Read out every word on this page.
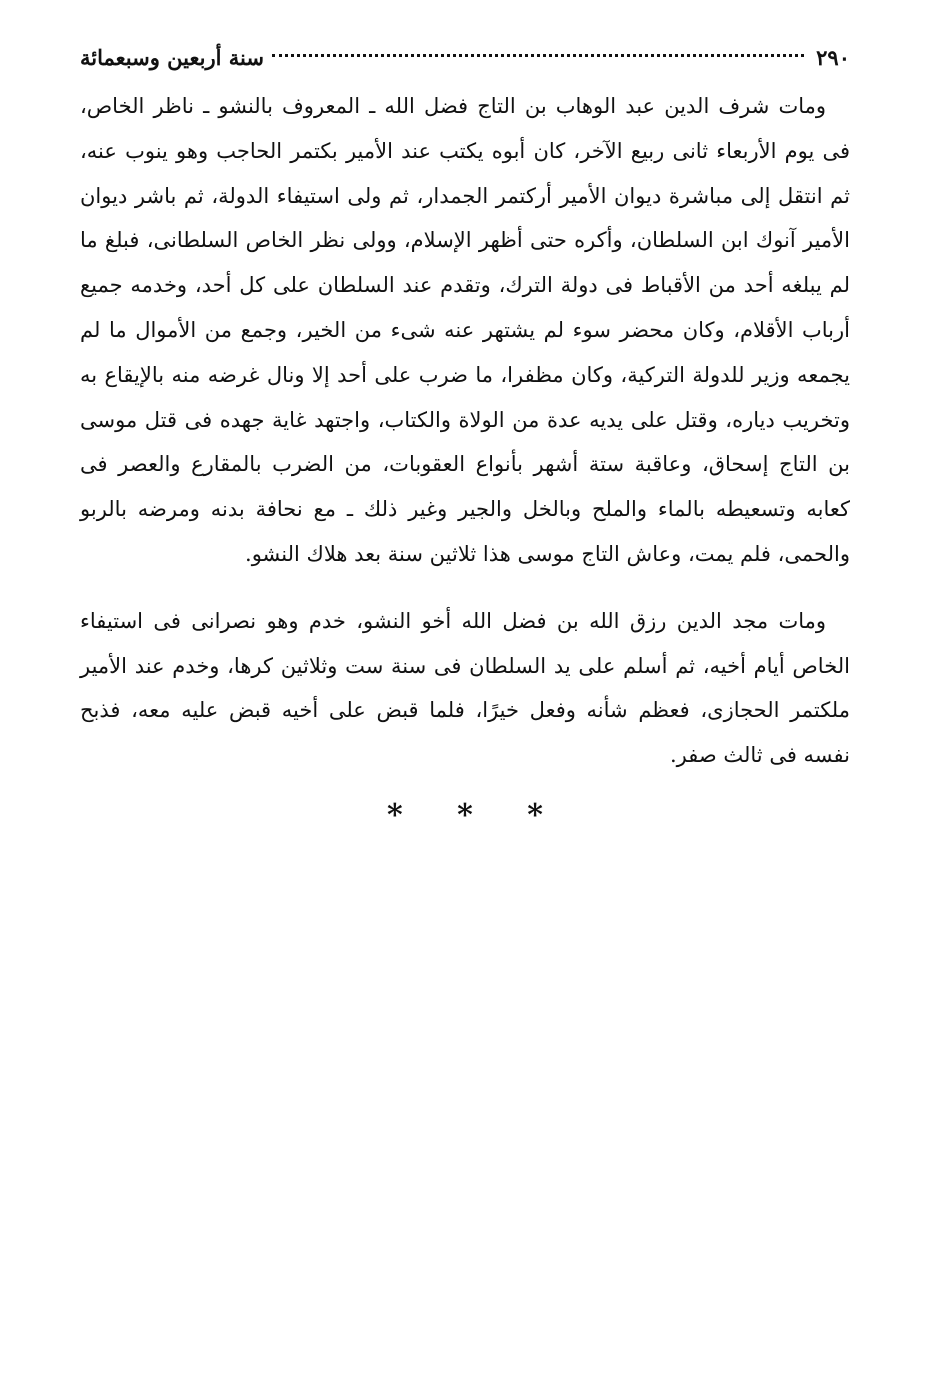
٢٩٠
سنة أربعين وسبعمائة

ومات شرف الدين عبد الوهاب بن التاج فضل الله ـ المعروف بالنشو ـ ناظر الخاص، فى يوم الأربعاء ثانى ربيع الآخر، كان أبوه يكتب عند الأمير بكتمر الحاجب وهو ينوب عنه، ثم انتقل إلى مباشرة ديوان الأمير أركتمر الجمدار، ثم ولى استيفاء الدولة، ثم باشر ديوان الأمير آنوك ابن السلطان، وأكره حتى أظهر الإسلام، وولى نظر الخاص السلطانى، فبلغ ما لم يبلغه أحد من الأقباط فى دولة الترك، وتقدم عند السلطان على كل أحد، وخدمه جميع أرباب الأقلام، وكان محضر سوء لم يشتهر عنه شىء من الخير، وجمع من الأموال ما لم يجمعه وزير للدولة التركية، وكان مظفرا، ما ضرب على أحد إلا ونال غرضه منه بالإيقاع به وتخريب دياره، وقتل على يديه عدة من الولاة والكتاب، واجتهد غاية جهده فى قتل موسى بن التاج إسحاق، وعاقبة ستة أشهر بأنواع العقوبات، من الضرب بالمقارع والعصر فى كعابه وتسعيطه بالماء والملح وبالخل والجير وغير ذلك ـ مع نحافة بدنه ومرضه بالربو والحمى، فلم يمت، وعاش التاج موسى هذا ثلاثين سنة بعد هلاك النشو.

ومات مجد الدين رزق الله بن فضل الله أخو النشو، خدم وهو نصرانى فى استيفاء الخاص أيام أخيه، ثم أسلم على يد السلطان فى سنة ست وثلاثين كرها، وخدم عند الأمير ملكتمر الحجازى، فعظم شأنه وفعل خيرًا، فلما قبض على أخيه قبض عليه معه، فذبح نفسه فى ثالث صفر.

* * *
